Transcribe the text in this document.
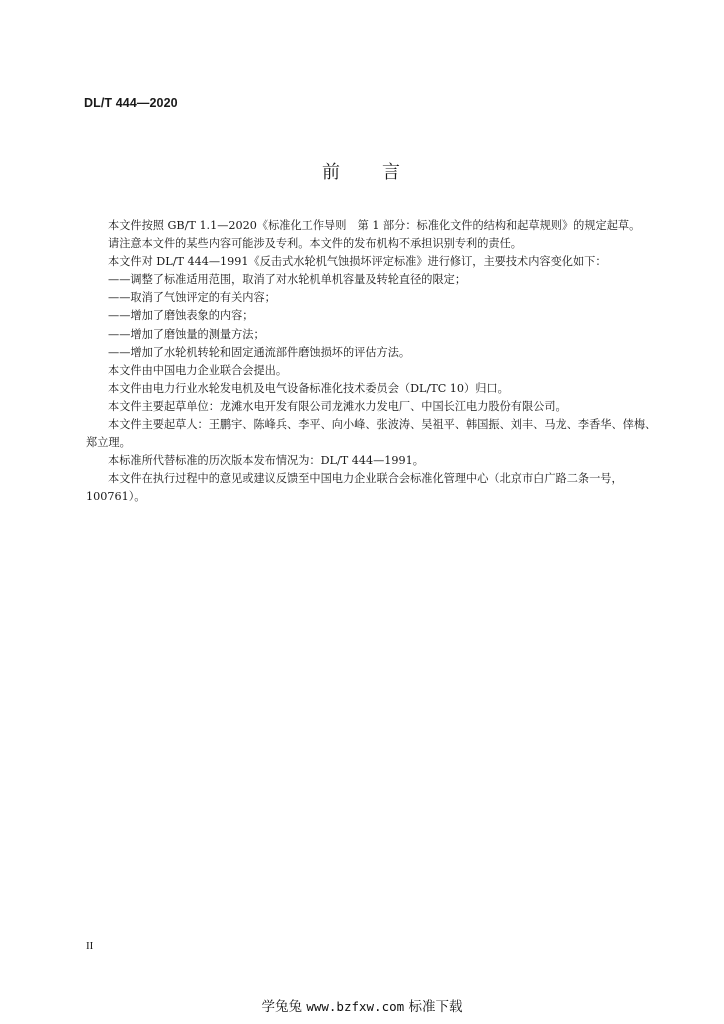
DL/T 444—2020
前 言

本文件按照 GB/T 1.1—2020《标准化工作导则　第 1 部分：标准化文件的结构和起草规则》的规定起草。

请注意本文件的某些内容可能涉及专利。本文件的发布机构不承担识别专利的责任。

本文件对 DL/T 444—1991《反击式水轮机气蚀损坏评定标准》进行修订，主要技术内容变化如下：

——调整了标准适用范围，取消了对水轮机单机容量及转轮直径的限定；

——取消了气蚀评定的有关内容；

——增加了磨蚀表象的内容；

——增加了磨蚀量的测量方法；

——增加了水轮机转轮和固定通流部件磨蚀损坏的评估方法。

本文件由中国电力企业联合会提出。

本文件由电力行业水轮发电机及电气设备标准化技术委员会（DL/TC 10）归口。

本文件主要起草单位：龙滩水电开发有限公司龙滩水力发电厂、中国长江电力股份有限公司。

本文件主要起草人：王鹏宇、陈峰兵、李平、向小峰、张波涛、吴祖平、韩国振、刘丰、马龙、李香华、倖梅、郑立理。

本标准所代替标准的历次版本发布情况为：DL/T 444—1991。

本文件在执行过程中的意见或建议反馈至中国电力企业联合会标准化管理中心（北京市白广路二条一号，100761）。

II
学兔兔 www.bzfxw.com 标准下载
